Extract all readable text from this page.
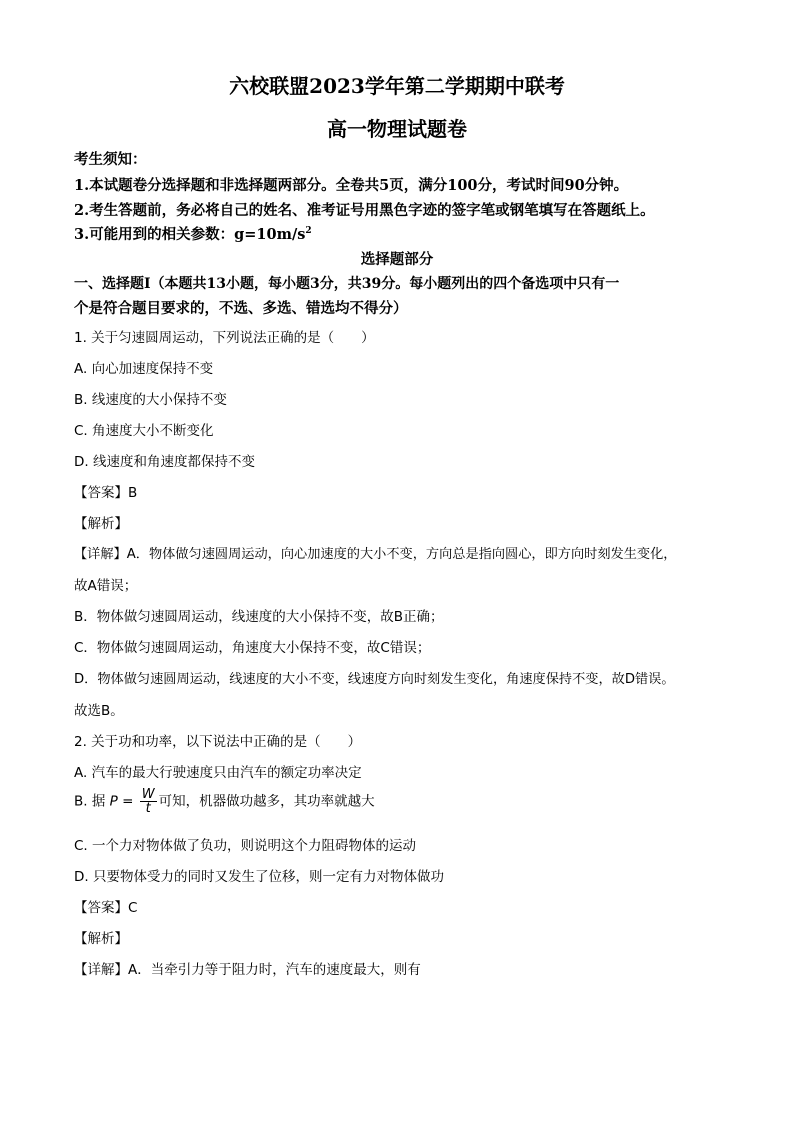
六校联盟2023学年第二学期期中联考
高一物理试题卷
考生须知：
1.本试题卷分选择题和非选择题两部分。全卷共5页，满分100分，考试时间90分钟。
2.考生答题前，务必将自己的姓名、准考证号用黑色字迹的签字笔或钢笔填写在答题纸上。
3.可能用到的相关参数：$g=10m/s^2$
选择题部分
一、选择题Ⅰ（本题共13小题，每小题3分，共39分。每小题列出的四个备选项中只有一
个是符合题目要求的，不选、多选、错选均不得分）
1. 关于匀速圆周运动，下列说法正确的是（　　）
A. 向心加速度保持不变
B. 线速度的大小保持不变
C. 角速度大小不断变化
D. 线速度和角速度都保持不变
【答案】B
【解析】
【详解】A．物体做匀速圆周运动，向心加速度的大小不变，方向总是指向圆心，即方向时刻发生变化，
故A错误；
B．物体做匀速圆周运动，线速度的大小保持不变，故B正确；
C．物体做匀速圆周运动，角速度大小保持不变，故C错误；
D．物体做匀速圆周运动，线速度的大小不变，线速度方向时刻发生变化，角速度保持不变，故D错误。
故选B。
2. 关于功和功率，以下说法中正确的是（　　）
A. 汽车的最大行驶速度只由汽车的额定功率决定
B. 据 $P = \frac{W}{t}$ 可知，机器做功越多，其功率就越大
C. 一个力对物体做了负功，则说明这个力阻碍物体的运动
D. 只要物体受力的同时又发生了位移，则一定有力对物体做功
【答案】C
【解析】
【详解】A．当牵引力等于阻力时，汽车的速度最大，则有
